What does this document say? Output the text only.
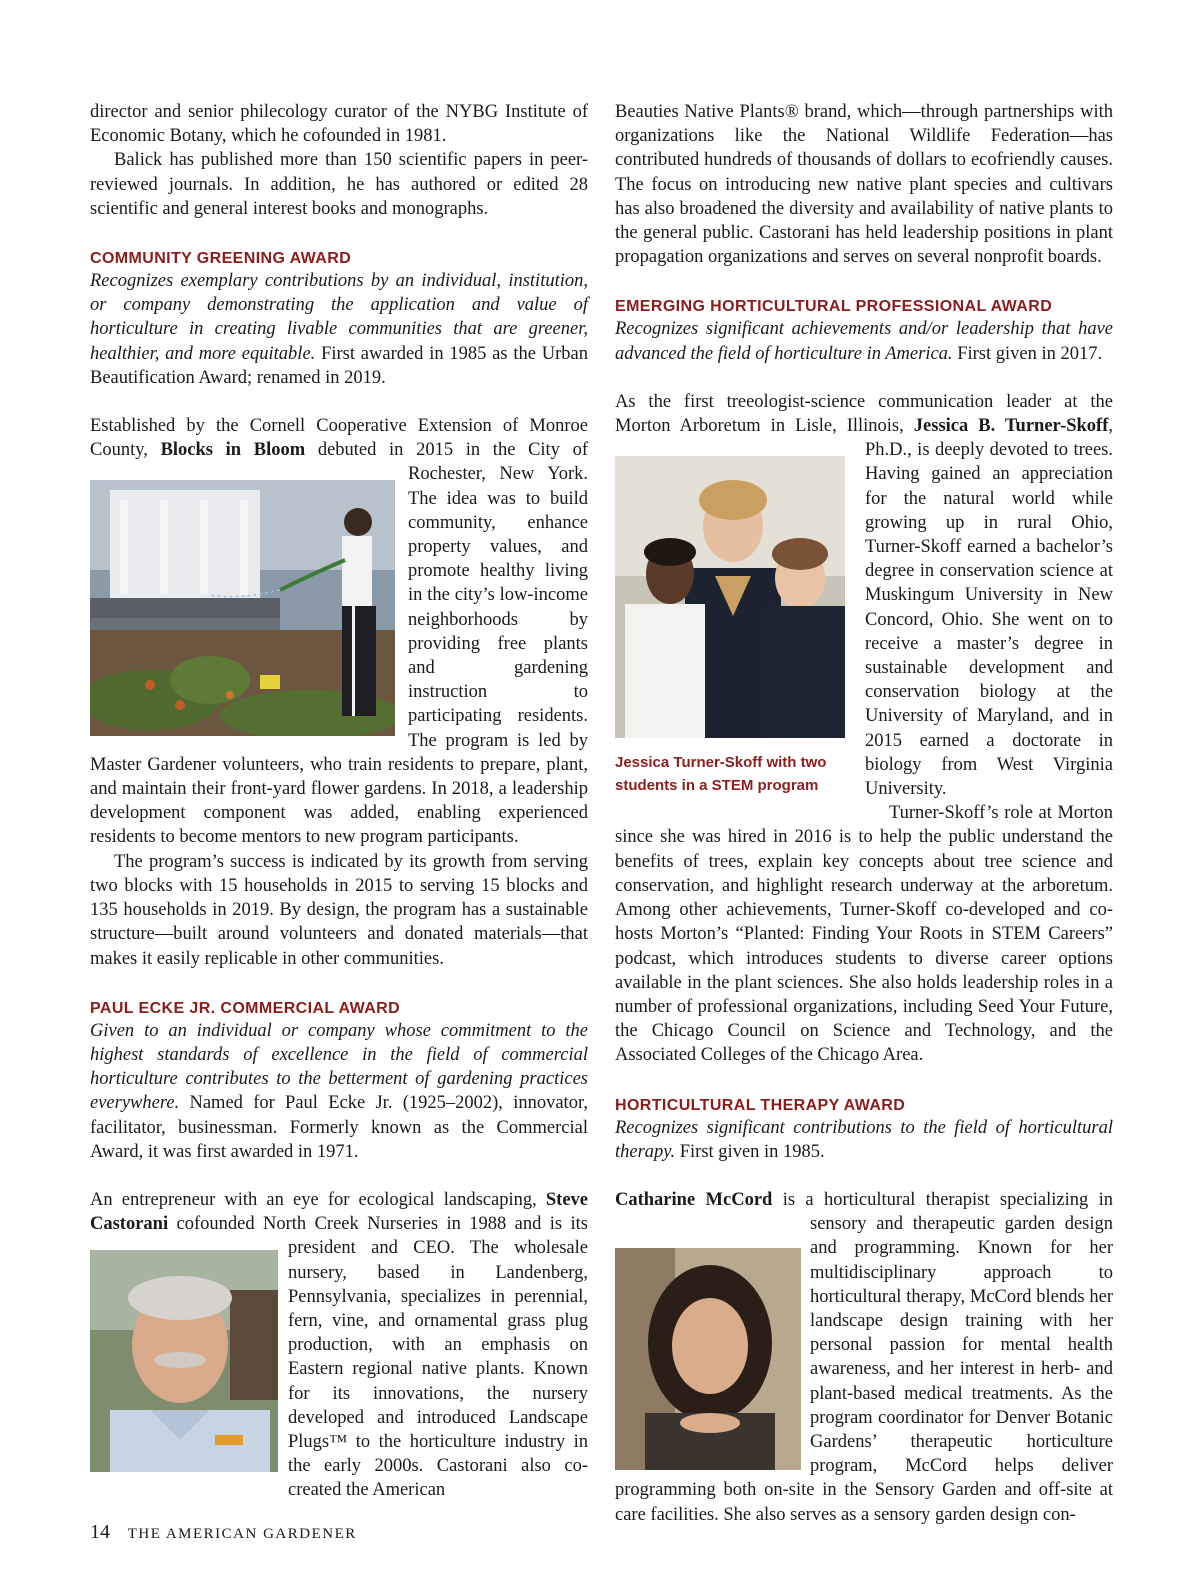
director and senior philecology curator of the NYBG Institute of Economic Botany, which he cofounded in 1981.

Balick has published more than 150 scientific papers in peer-reviewed journals. In addition, he has authored or edited 28 scientific and general interest books and monographs.

COMMUNITY GREENING AWARD

Recognizes exemplary contributions by an individual, institution, or company demonstrating the application and value of horticulture in creating livable communities that are greener, healthier, and more equitable. First awarded in 1985 as the Urban Beautification Award; renamed in 2019.

Established by the Cornell Cooperative Extension of Monroe County, Blocks in Bloom debuted in 2015 in the City of Rochester, New York. The idea was to build community, enhance property values, and promote healthy living in the city’s low-income neighborhoods by providing free plants and gardening instruction to participating residents. The program is led by Master Gardener volunteers, who train residents to prepare, plant, and maintain their front-yard flower gardens. In 2018, a leadership development component was added, enabling experienced residents to become mentors to new program participants.

The program’s success is indicated by its growth from serving two blocks with 15 households in 2015 to serving 15 blocks and 135 households in 2019. By design, the program has a sustainable structure—built around volunteers and donated materials—that makes it easily replicable in other communities.

PAUL ECKE JR. COMMERCIAL AWARD

Given to an individual or company whose commitment to the highest standards of excellence in the field of commercial horticulture contributes to the betterment of gardening practices everywhere. Named for Paul Ecke Jr. (1925–2002), innovator, facilitator, businessman. Formerly known as the Commercial Award, it was first awarded in 1971.

An entrepreneur with an eye for ecological landscaping, Steve Castorani cofounded North Creek Nurseries in 1988 and is its president and CEO. The wholesale nursery, based in Landenberg, Pennsylvania, specializes in perennial, fern, vine, and ornamental grass plug production, with an emphasis on Eastern regional native plants. Known for its innovations, the nursery developed and introduced Landscape Plugs™ to the horticulture industry in the early 2000s. Castorani also co-created the American

Beauties Native Plants® brand, which—through partnerships with organizations like the National Wildlife Federation—has contributed hundreds of thousands of dollars to ecofriendly causes. The focus on introducing new native plant species and cultivars has also broadened the diversity and availability of native plants to the general public. Castorani has held leadership positions in plant propagation organizations and serves on several nonprofit boards.

EMERGING HORTICULTURAL PROFESSIONAL AWARD

Recognizes significant achievements and/or leadership that have advanced the field of horticulture in America. First given in 2017.

As the first treeologist-science communication leader at the Morton Arboretum in Lisle, Illinois, Jessica B. Turner-Skoff, Ph.D., is deeply devoted to trees. Having gained an appreciation for the natural world while growing up in rural Ohio, Turner-Skoff earned a bachelor’s degree in conservation science at Muskingum University in New Concord, Ohio. She went on to receive a master’s degree in sustainable development and conservation biology at the University of Maryland, and in 2015 earned a doctorate in biology from West Virginia University.

Turner-Skoff’s role at Morton since she was hired in 2016 is to help the public understand the benefits of trees, explain key concepts about tree science and conservation, and highlight research underway at the arboretum. Among other achievements, Turner-Skoff co-developed and co-hosts Morton’s “Planted: Finding Your Roots in STEM Careers” podcast, which introduces students to diverse career options available in the plant sciences. She also holds leadership roles in a number of professional organizations, including Seed Your Future, the Chicago Council on Science and Technology, and the Associated Colleges of the Chicago Area.

HORTICULTURAL THERAPY AWARD

Recognizes significant contributions to the field of horticultural therapy. First given in 1985.

Catharine McCord is a horticultural therapist specializing in sensory and therapeutic garden design and programming. Known for her multidisciplinary approach to horticultural therapy, McCord blends her landscape design training with her personal passion for mental health awareness, and her interest in herb- and plant-based medical treatments. As the program coordinator for Denver Botanic Gardens’ therapeutic horticulture program, McCord helps deliver programming both on-site in the Sensory Garden and off-site at care facilities. She also serves as a sensory garden design con-

Jessica Turner-Skoff with two students in a STEM program
14 THE AMERICAN GARDENER
